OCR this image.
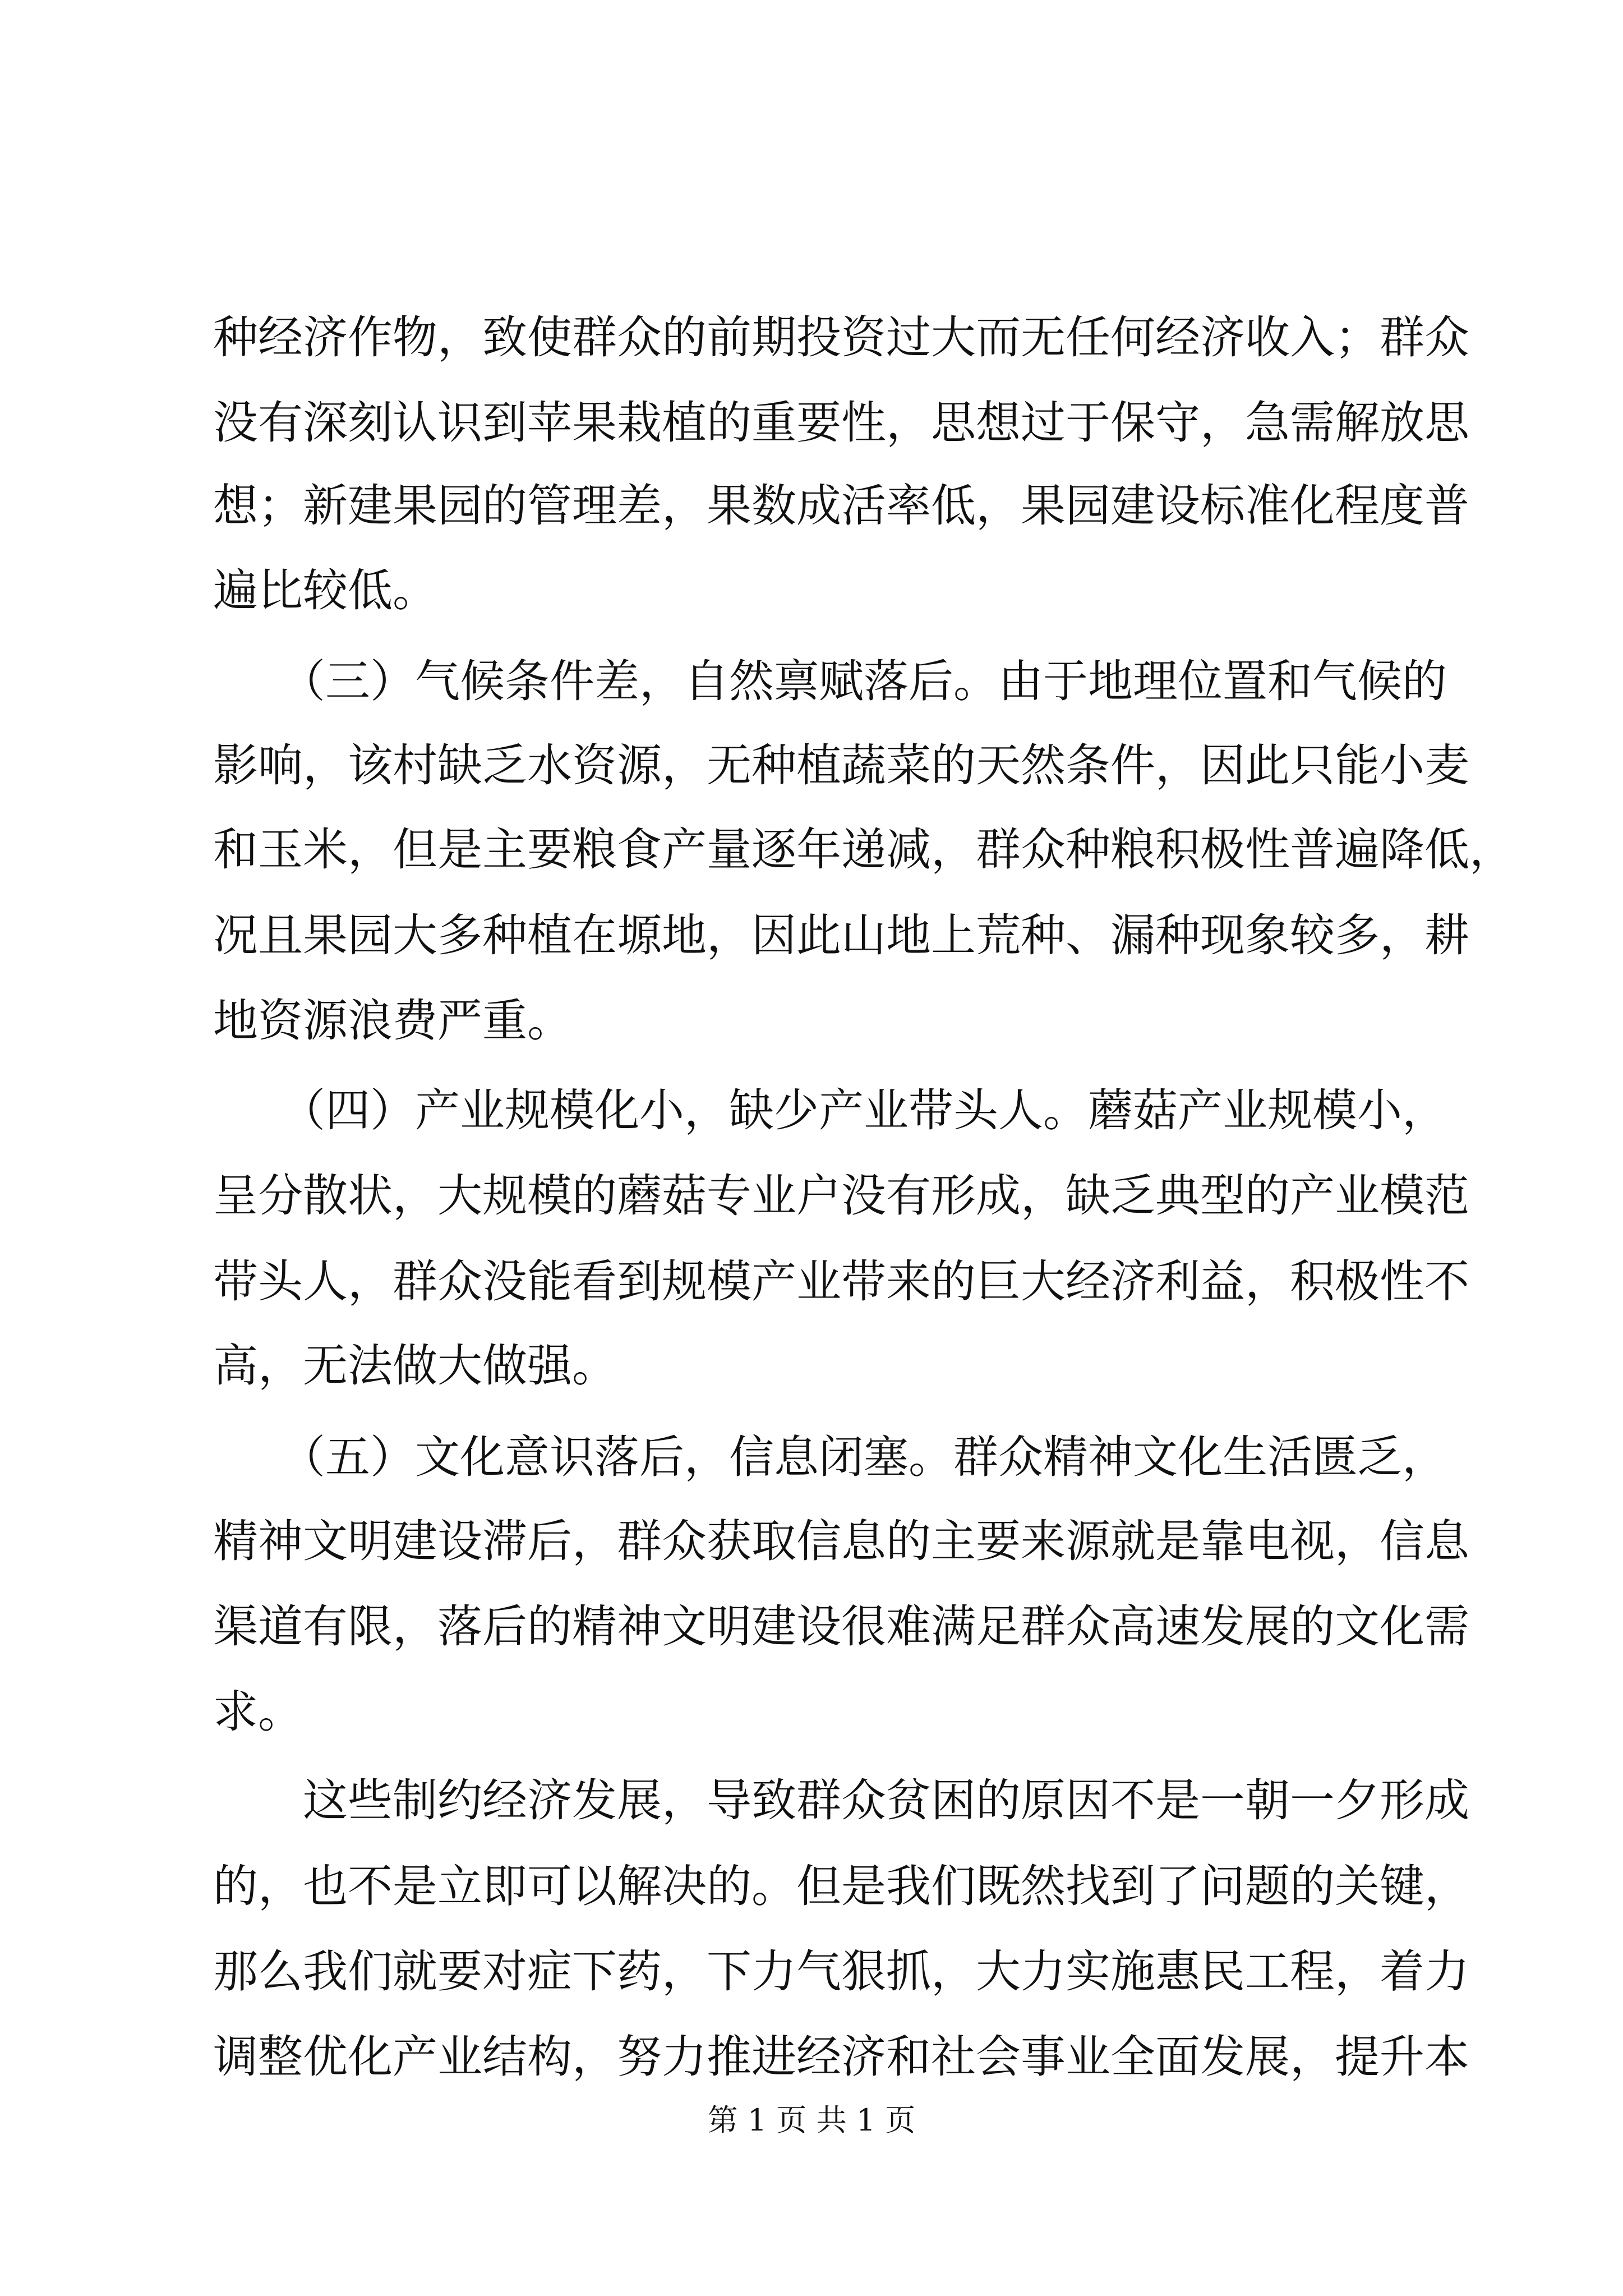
种经济作物，致使群众的前期投资过大而无任何经济收入；群众
没有深刻认识到苹果栽植的重要性，思想过于保守，急需解放思
想；新建果园的管理差，果数成活率低，果园建设标准化程度普
遍比较低。
　　（三）气候条件差，自然禀赋落后。由于地理位置和气候的
影响，该村缺乏水资源，无种植蔬菜的天然条件，因此只能小麦
和玉米，但是主要粮食产量逐年递减，群众种粮积极性普遍降低，
况且果园大多种植在塬地，因此山地上荒种、漏种现象较多，耕
地资源浪费严重。
　　（四）产业规模化小，缺少产业带头人。蘑菇产业规模小，
呈分散状，大规模的蘑菇专业户没有形成，缺乏典型的产业模范
带头人，群众没能看到规模产业带来的巨大经济利益，积极性不
高，无法做大做强。
　　（五）文化意识落后，信息闭塞。群众精神文化生活匮乏，
精神文明建设滞后，群众获取信息的主要来源就是靠电视，信息
渠道有限，落后的精神文明建设很难满足群众高速发展的文化需
求。
　　这些制约经济发展，导致群众贫困的原因不是一朝一夕形成
的，也不是立即可以解决的。但是我们既然找到了问题的关键，
那么我们就要对症下药，下力气狠抓，大力实施惠民工程，着力
调整优化产业结构，努力推进经济和社会事业全面发展，提升本
第 1 页 共 1 页
